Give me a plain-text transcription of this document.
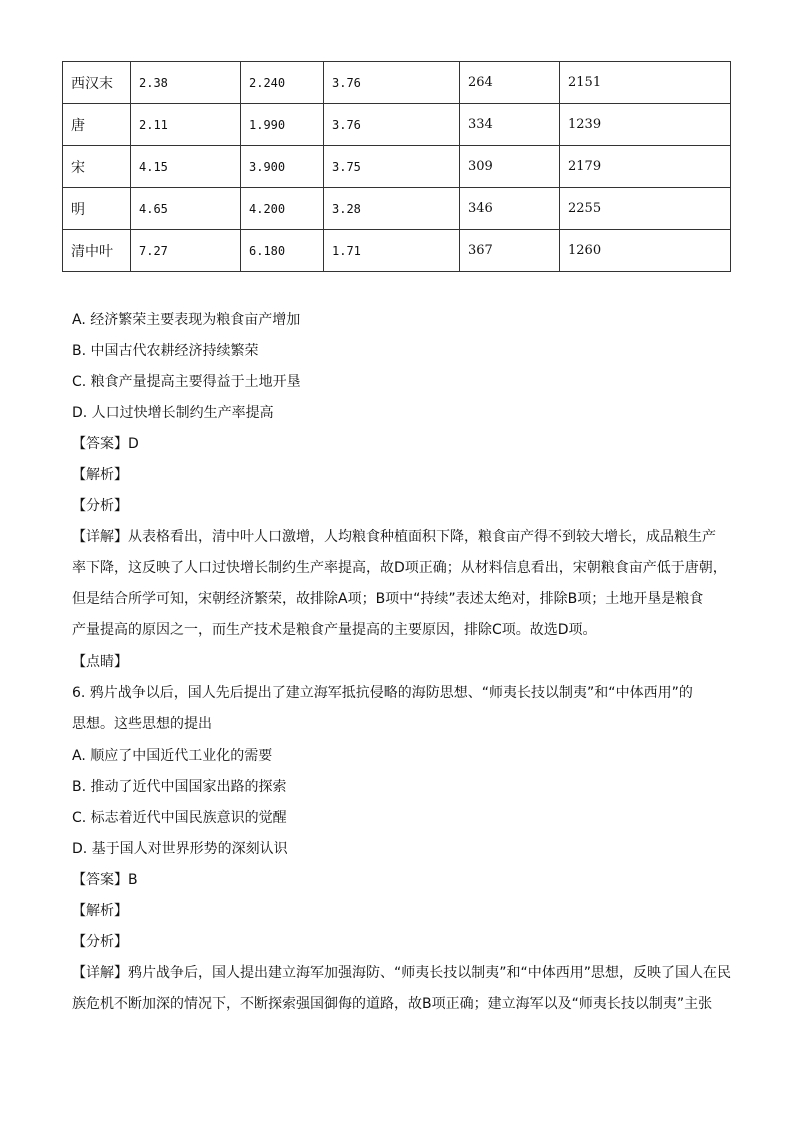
西汉末	2.38	2.240	3.76	264	2151
唐	2.11	1.990	3.76	334	1239
宋	4.15	3.900	3.75	309	2179
明	4.65	4.200	3.28	346	2255
清中叶	7.27	6.180	1.71	367	1260
A. 经济繁荣主要表现为粮食亩产增加
B. 中国古代农耕经济持续繁荣
C. 粮食产量提高主要得益于土地开垦
D. 人口过快增长制约生产率提高
【答案】D
【解析】
【分析】
【详解】从表格看出，清中叶人口激增，人均粮食种植面积下降，粮食亩产得不到较大增长，成品粮生产
率下降，这反映了人口过快增长制约生产率提高，故D项正确；从材料信息看出，宋朝粮食亩产低于唐朝，
但是结合所学可知，宋朝经济繁荣，故排除A项；B项中“持续”表述太绝对，排除B项；土地开垦是粮食
产量提高的原因之一，而生产技术是粮食产量提高的主要原因，排除C项。故选D项。
【点睛】
6. 鸦片战争以后，国人先后提出了建立海军抵抗侵略的海防思想、“师夷长技以制夷”和“中体西用”的
思想。这些思想的提出
A. 顺应了中国近代工业化的需要
B. 推动了近代中国国家出路的探索
C. 标志着近代中国民族意识的觉醒
D. 基于国人对世界形势的深刻认识
【答案】B
【解析】
【分析】
【详解】鸦片战争后，国人提出建立海军加强海防、“师夷长技以制夷”和“中体西用”思想，反映了国人在民
族危机不断加深的情况下，不断探索强国御侮的道路，故B项正确；建立海军以及“师夷长技以制夷”主张
